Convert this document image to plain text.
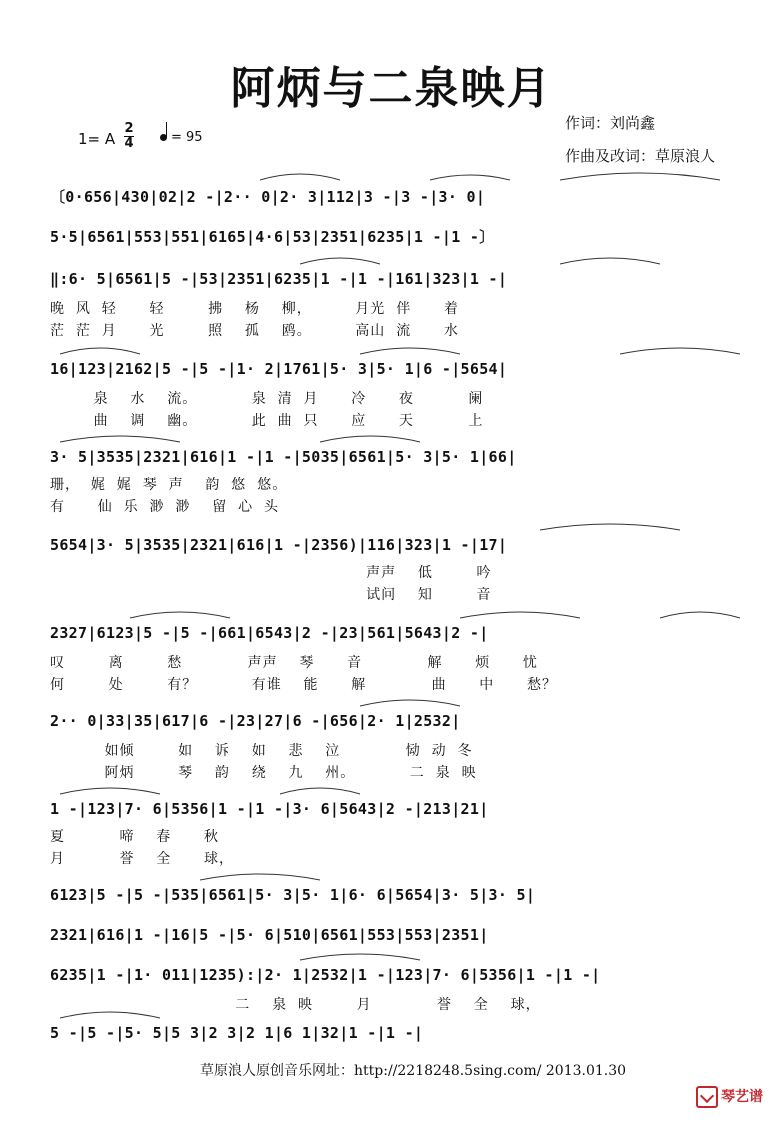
阿炳与二泉映月
1= A
2
4	= 95
作词：刘尚鑫
作曲及改词：草原浪人
〔0·656|430|02|2 -|2·· 0|2· 3|112|3 -|3 -|3· 0|
5·5|6561|553|551|6165|4·6|53|2351|6235|1 -|1 -〕
‖:6· 5|6561|5 -|53|2351|6235|1 -|1 -|161|323|1 -|
晚  风  轻      轻        拂    杨    柳，        月光  伴      着
茫  茫  月      光        照    孤    鸥。        高山  流      水
16|123|2162|5 -|5 -|1· 2|1761|5· 3|5· 1|6 -|5654|
泉    水    流。          泉  清  月      冷      夜          阑
曲    调    幽。          此  曲  只      应      天          上
3· 5|3535|2321|616|1 -|1 -|5035|6561|5· 3|5· 1|66|
珊，  娓  娓  琴  声    韵  悠  悠。
有      仙  乐  渺  渺    留  心  头
5654|3· 5|3535|2321|616|1 -|2356)|116|323|1 -|17|
声声    低        吟
试问    知        音
2327|6123|5 -|5 -|661|6543|2 -|23|561|5643|2 -|
叹        离        愁            声声    琴      音            解      烦      忧
何        处        有？          有谁    能      解            曲      中      愁？
2·· 0|33|35|617|6 -|23|27|6 -|656|2· 1|2532|
如倾        如    诉    如    悲    泣            恸  动  冬
阿炳        琴    韵    绕    九    州。          二  泉  映
1 -|123|7· 6|5356|1 -|1 -|3· 6|5643|2 -|213|21|
夏          啼    春      秋
月          誉    全      球，
6123|5 -|5 -|535|6561|5· 3|5· 1|6· 6|5654|3· 5|3· 5|
2321|616|1 -|16|5 -|5· 6|510|6561|553|553|2351|
6235|1 -|1· 011|1235):|2· 1|2532|1 -|123|7· 6|5356|1 -|1 -|
二    泉  映        月            誉    全    球，
5 -|5 -|5· 5|5 3|2 3|2 1|6 1|32|1 -|1 -|
草原浪人原创音乐网址：http://2218248.5sing.com/ 2013.01.30
琴艺谱
